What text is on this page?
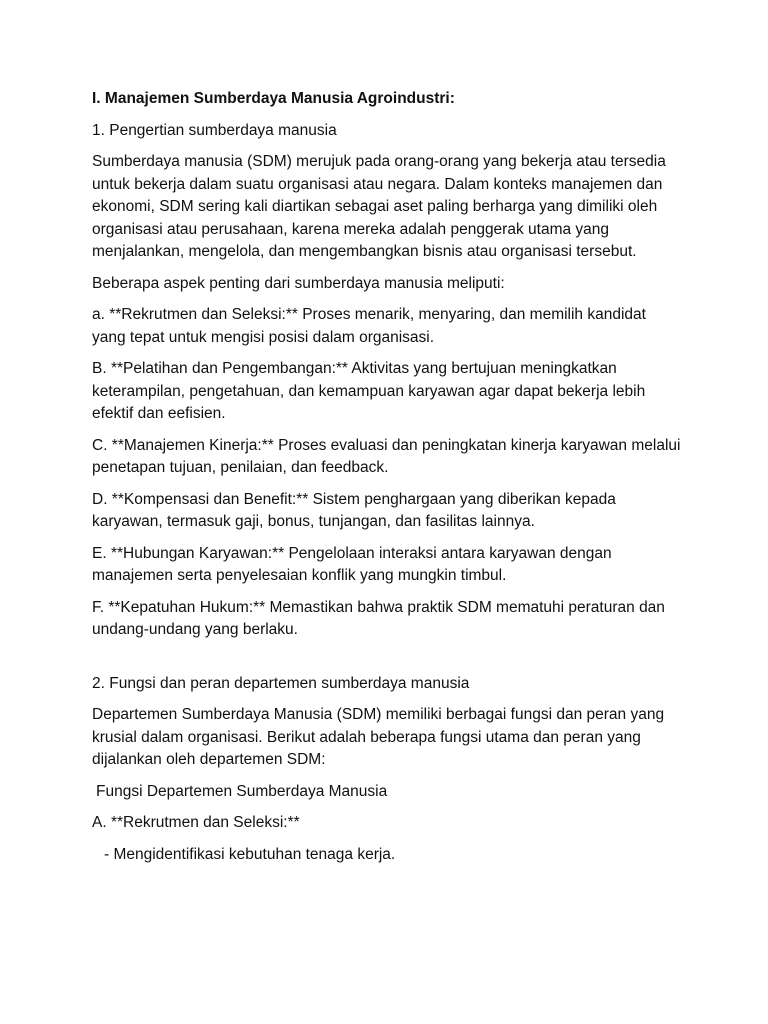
I. Manajemen Sumberdaya Manusia Agroindustri:

1. Pengertian sumberdaya manusia

Sumberdaya manusia (SDM) merujuk pada orang-orang yang bekerja atau tersedia untuk bekerja dalam suatu organisasi atau negara. Dalam konteks manajemen dan ekonomi, SDM sering kali diartikan sebagai aset paling berharga yang dimiliki oleh organisasi atau perusahaan, karena mereka adalah penggerak utama yang menjalankan, mengelola, dan mengembangkan bisnis atau organisasi tersebut.

Beberapa aspek penting dari sumberdaya manusia meliputi:

a. **Rekrutmen dan Seleksi:** Proses menarik, menyaring, dan memilih kandidat yang tepat untuk mengisi posisi dalam organisasi.

B. **Pelatihan dan Pengembangan:** Aktivitas yang bertujuan meningkatkan keterampilan, pengetahuan, dan kemampuan karyawan agar dapat bekerja lebih efektif dan eefisien.

C. **Manajemen Kinerja:** Proses evaluasi dan peningkatan kinerja karyawan melalui penetapan tujuan, penilaian, dan feedback.

D. **Kompensasi dan Benefit:** Sistem penghargaan yang diberikan kepada karyawan, termasuk gaji, bonus, tunjangan, dan fasilitas lainnya.

E. **Hubungan Karyawan:** Pengelolaan interaksi antara karyawan dengan manajemen serta penyelesaian konflik yang mungkin timbul.

F. **Kepatuhan Hukum:** Memastikan bahwa praktik SDM mematuhi peraturan dan undang-undang yang berlaku.

2. Fungsi dan peran departemen sumberdaya manusia

Departemen Sumberdaya Manusia (SDM) memiliki berbagai fungsi dan peran yang krusial dalam organisasi. Berikut adalah beberapa fungsi utama dan peran yang dijalankan oleh departemen SDM:

Fungsi Departemen Sumberdaya Manusia

A. **Rekrutmen dan Seleksi:**

- Mengidentifikasi kebutuhan tenaga kerja.
